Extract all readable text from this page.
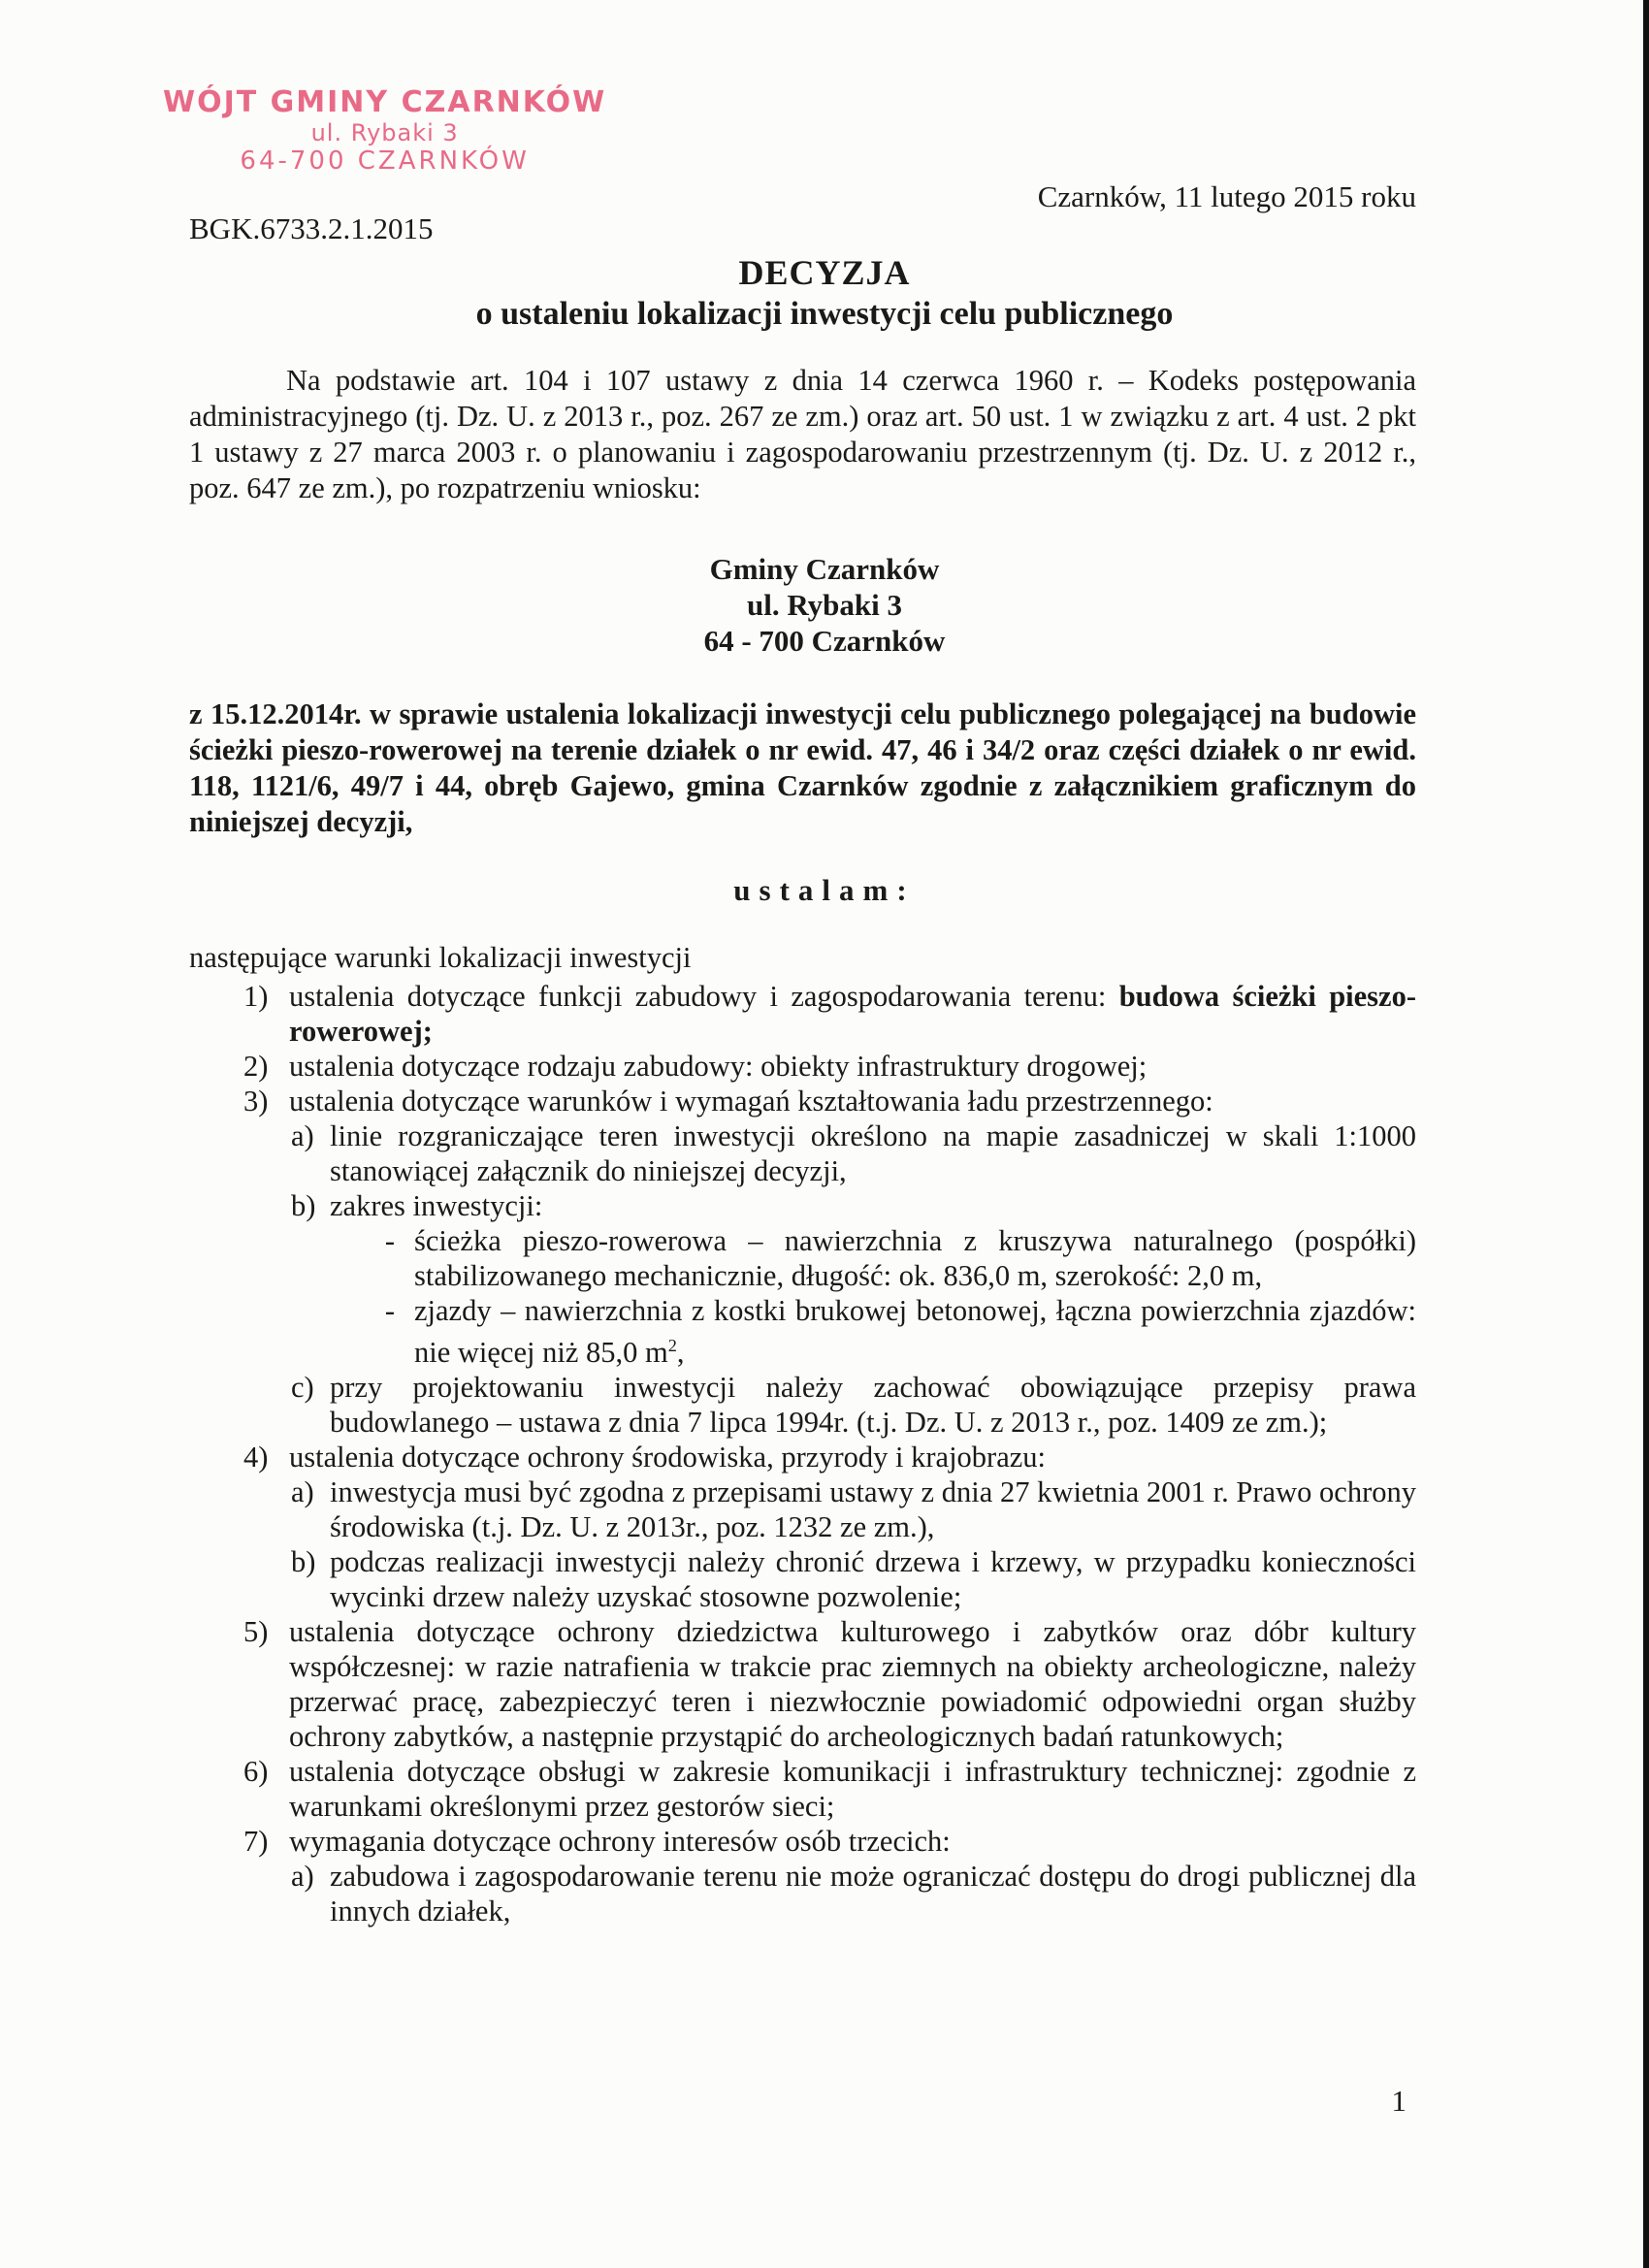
WÓJT GMINY CZARNKÓW
ul. Rybaki 3
64-700 CZARNKÓW
Czarnków, 11 lutego 2015 roku
BGK.6733.2.1.2015
DECYZJA
o ustaleniu lokalizacji inwestycji celu publicznego
Na podstawie art. 104 i 107 ustawy z dnia 14 czerwca 1960 r. – Kodeks postępowania administracyjnego (tj. Dz. U. z 2013 r., poz. 267 ze zm.) oraz art. 50 ust. 1 w związku z art. 4 ust. 2 pkt 1 ustawy z 27 marca 2003 r. o planowaniu i zagospodarowaniu przestrzennym (tj. Dz. U. z 2012 r., poz. 647 ze zm.), po rozpatrzeniu wniosku:
Gminy Czarnków
ul. Rybaki 3
64 - 700 Czarnków
z 15.12.2014r. w sprawie ustalenia lokalizacji inwestycji celu publicznego polegającej na budowie ścieżki pieszo-rowerowej na terenie działek o nr ewid. 47, 46 i 34/2 oraz części działek o nr ewid. 118, 1121/6, 49/7 i 44, obręb Gajewo, gmina Czarnków zgodnie z załącznikiem graficznym do niniejszej decyzji,
ustalam:
następujące warunki lokalizacji inwestycji
1) ustalenia dotyczące funkcji zabudowy i zagospodarowania terenu: budowa ścieżki pieszo-rowerowej;
2) ustalenia dotyczące rodzaju zabudowy: obiekty infrastruktury drogowej;
3) ustalenia dotyczące warunków i wymagań kształtowania ładu przestrzennego:
a) linie rozgraniczające teren inwestycji określono na mapie zasadniczej w skali 1:1000 stanowiącej załącznik do niniejszej decyzji,
b) zakres inwestycji:
- ścieżka pieszo-rowerowa – nawierzchnia z kruszywa naturalnego (pospółki) stabilizowanego mechanicznie, długość: ok. 836,0 m, szerokość: 2,0 m,
- zjazdy – nawierzchnia z kostki brukowej betonowej, łączna powierzchnia zjazdów: nie więcej niż 85,0 $m^2$,
c) przy projektowaniu inwestycji należy zachować obowiązujące przepisy prawa budowlanego – ustawa z dnia 7 lipca 1994r. (t.j. Dz. U. z 2013 r., poz. 1409 ze zm.);
4) ustalenia dotyczące ochrony środowiska, przyrody i krajobrazu:
a) inwestycja musi być zgodna z przepisami ustawy z dnia 27 kwietnia 2001 r. Prawo ochrony środowiska (t.j. Dz. U. z 2013r., poz. 1232 ze zm.),
b) podczas realizacji inwestycji należy chronić drzewa i krzewy, w przypadku konieczności wycinki drzew należy uzyskać stosowne pozwolenie;
5) ustalenia dotyczące ochrony dziedzictwa kulturowego i zabytków oraz dóbr kultury współczesnej: w razie natrafienia w trakcie prac ziemnych na obiekty archeologiczne, należy przerwać pracę, zabezpieczyć teren i niezwłocznie powiadomić odpowiedni organ służby ochrony zabytków, a następnie przystąpić do archeologicznych badań ratunkowych;
6) ustalenia dotyczące obsługi w zakresie komunikacji i infrastruktury technicznej: zgodnie z warunkami określonymi przez gestorów sieci;
7) wymagania dotyczące ochrony interesów osób trzecich:
a) zabudowa i zagospodarowanie terenu nie może ograniczać dostępu do drogi publicznej dla innych działek,
1
